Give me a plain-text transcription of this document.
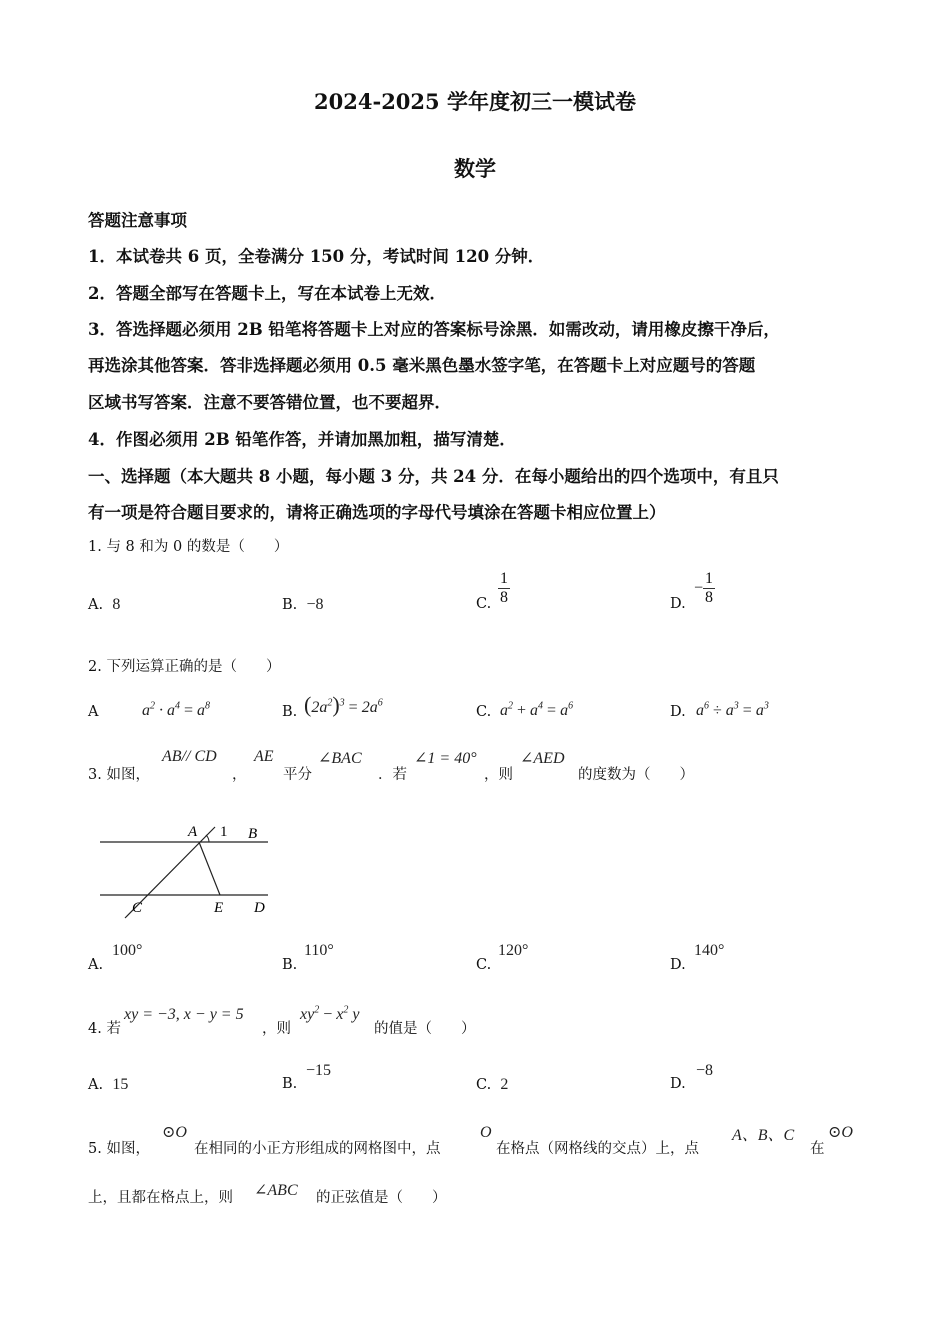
2024-2025 学年度初三一模试卷
数学
答题注意事项
1．本试卷共 6 页，全卷满分 150 分，考试时间 120 分钟．
2．答题全部写在答题卡上，写在本试卷上无效．
3．答选择题必须用 2B 铅笔将答题卡上对应的答案标号涂黑．如需改动，请用橡皮擦干净后，
再选涂其他答案．答非选择题必须用 0.5 毫米黑色墨水签字笔，在答题卡上对应题号的答题
区域书写答案．注意不要答错位置，也不要超界．
4．作图必须用 2B 铅笔作答，并请加黑加粗，描写清楚．
一、选择题（本大题共 8 小题，每小题 3 分，共 24 分．在每小题给出的四个选项中，有且只
有一项是符合题目要求的，请将正确选项的字母代号填涂在答题卡相应位置上）
1. 与 8 和为 0 的数是（　　）
A. 8	B. −8	C. $\frac{1}{8}$	D.
− $\frac{1}{8}$
2. 下列运算正确的是（　　）
A	$a^2 \cdot a^4 = a^8$	B. $(2a^2)^3 = 2a^6$
C. $a^2 + a^4 = a^6$	D. $a^6 \div a^3 = a^3$
3. 如图，
AB// CD
，
AE
平分
∠BAC
．若
∠1 = 40°
，则
∠AED
的度数为（　　）
A 1 B
C	E D
A.
100°
B.
110°
C.
120°
D.
140°
4. 若
xy = −3, x − y = 5
，则
$xy^2 - x^2$ y
的值是（　　）
A. 15	B.
−15
C. 2	D.
−8
5. 如图，
⊙O
在相同的小正方形组成的网格图中，点
O
在格点（网格线的交点）上，点
A、B、C
在
⊙O
上，且都在格点上，则 ∠ABC 的正弦值是（　　）
